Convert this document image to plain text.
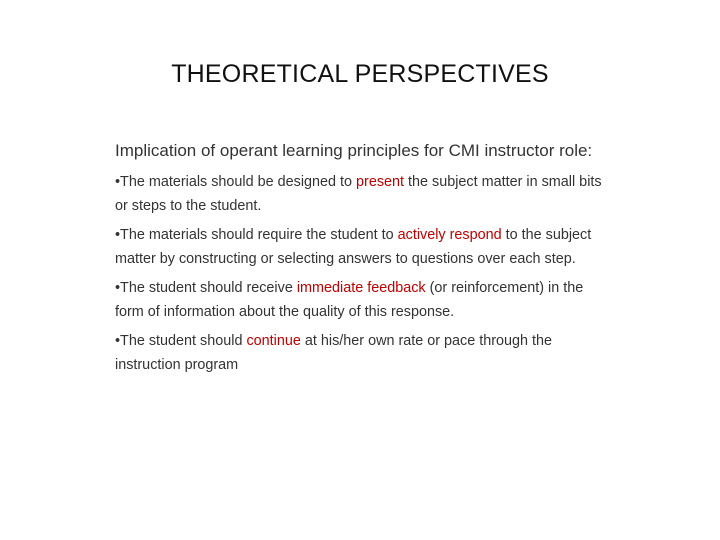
THEORETICAL PERSPECTIVES

Implication of operant learning principles for CMI instructor role:

•The materials should be designed to present the subject matter in small bits or steps to the student.

•The materials should require the student to actively respond to the subject matter by constructing or selecting answers to questions over each step.

•The student should receive immediate feedback (or reinforcement) in the form of information about the quality of this response.

•The student should continue at his/her own rate or pace through the instruction program
